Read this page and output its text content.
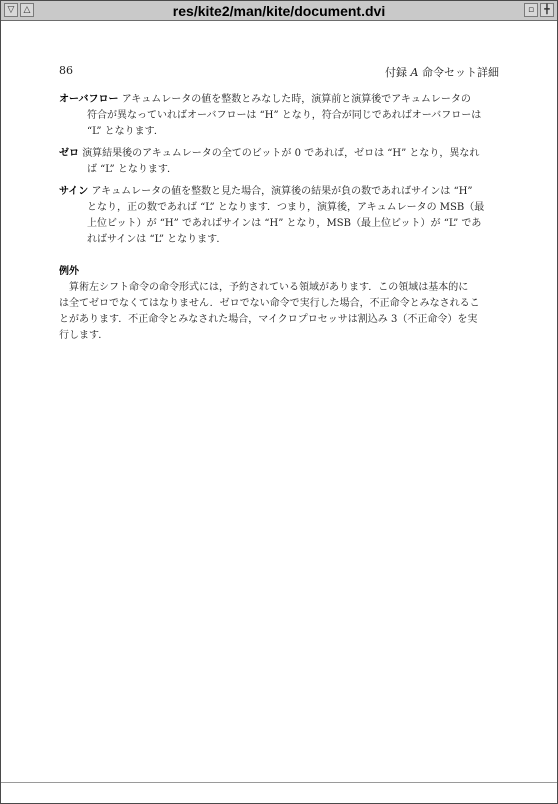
▽	△	res/kite2/man/kite/document.dvi	▫	╋
86	付録 A 命令セット詳細
オーバフロー アキュムレータの値を整数とみなした時，演算前と演算後でアキュムレータの
符合が異なっていればオーバフローは “H” となり，符合が同じであればオーバフローは
“L” となります．
ゼロ 演算結果後のアキュムレータの全てのビットが 0 であれば，ゼロは “H” となり，異なれ
ば “L” となります．
サイン アキュムレータの値を整数と見た場合，演算後の結果が負の数であればサインは “H”
となり，正の数であれば “L” となります．つまり，演算後，アキュムレータの MSB（最
上位ビット）が “H” であればサインは “H” となり，MSB（最上位ビット）が “L” であ
ればサインは “L” となります．
例外
算術左シフト命令の命令形式には，予約されている領域があります．この領域は基本的に
は全てゼロでなくてはなりません．ゼロでない命令で実行した場合，不正命令とみなされるこ
とがあります．不正命令とみなされた場合，マイクロプロセッサは割込み 3（不正命令）を実
行します．
